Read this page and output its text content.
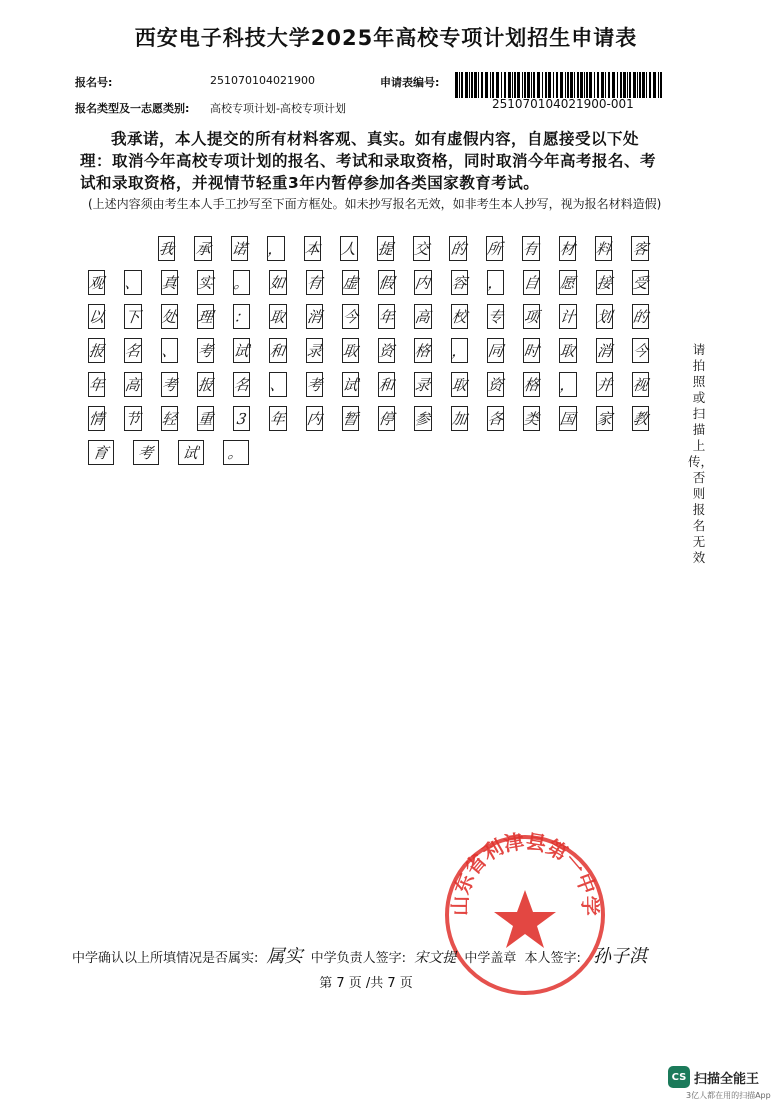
西安电子科技大学2025年高校专项计划招生申请表
报名号:	251070104021900	申请表编号:
251070104021900-001
报名类型及一志愿类别: 高校专项计划-高校专项计划
我承诺，本人提交的所有材料客观、真实。如有虚假内容，自愿接受以下处理：取消今年高校专项计划的报名、考试和录取资格，同时取消今年高考报名、考试和录取资格，并视情节轻重3年内暂停参加各类国家教育考试。
(上述内容须由考生本人手工抄写至下面方框处。如未抄写报名无效，如非考生本人抄写，视为报名材料造假)
我 承 诺 ， 本 人 提 交 的 所 有 材 料 客
观 、 真 实 。 如 有 虚 假 内 容 ， 自 愿 接 受
以 下 处 理 ： 取 消 今 年 高 校 专 项 计 划 的
报 名 、 考 试 和 录 取 资 格 ， 同 时 取 消 今
年 高 考 报 名 、 考 试 和 录 取 资 格 ， 并 视
情 节 轻 重 3 年 内 暂 停 参 加 各 类 国 家 教
育 考 试 。
请拍照或扫描上传，否则报名无效
山东省利津县第一中学
中学确认以上所填情况是否属实: 属实 中学负责人签字: 宋文提 中学盖章 本人签字: 孙子淇
第 7 页 /共 7 页
CS 扫描全能王
3亿人都在用的扫描App
